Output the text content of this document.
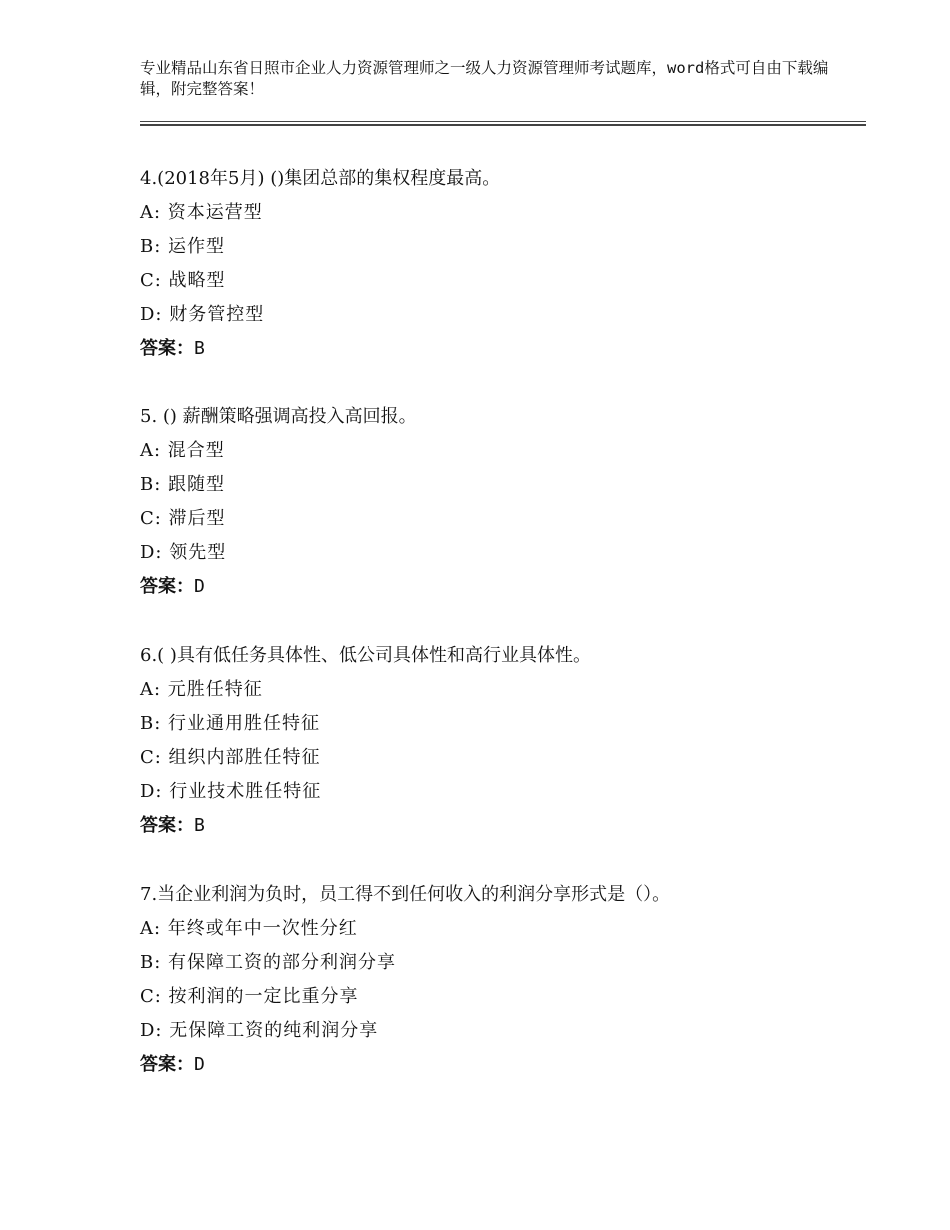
专业精品山东省日照市企业人力资源管理师之一级人力资源管理师考试题库，word格式可自由下载编辑，附完整答案！
4.(2018年5月) ()集团总部的集权程度最高。
A: 资本运营型
B: 运作型
C: 战略型
D: 财务管控型
答案：B
5. () 薪酬策略强调高投入高回报。
A: 混合型
B: 跟随型
C: 滞后型
D: 领先型
答案：D
6.( )具有低任务具体性、低公司具体性和高行业具体性。
A: 元胜任特征
B: 行业通用胜任特征
C: 组织内部胜任特征
D: 行业技术胜任特征
答案：B
7.当企业利润为负时，员工得不到任何收入的利润分享形式是（）。
A: 年终或年中一次性分红
B: 有保障工资的部分利润分享
C: 按利润的一定比重分享
D: 无保障工资的纯利润分享
答案：D
